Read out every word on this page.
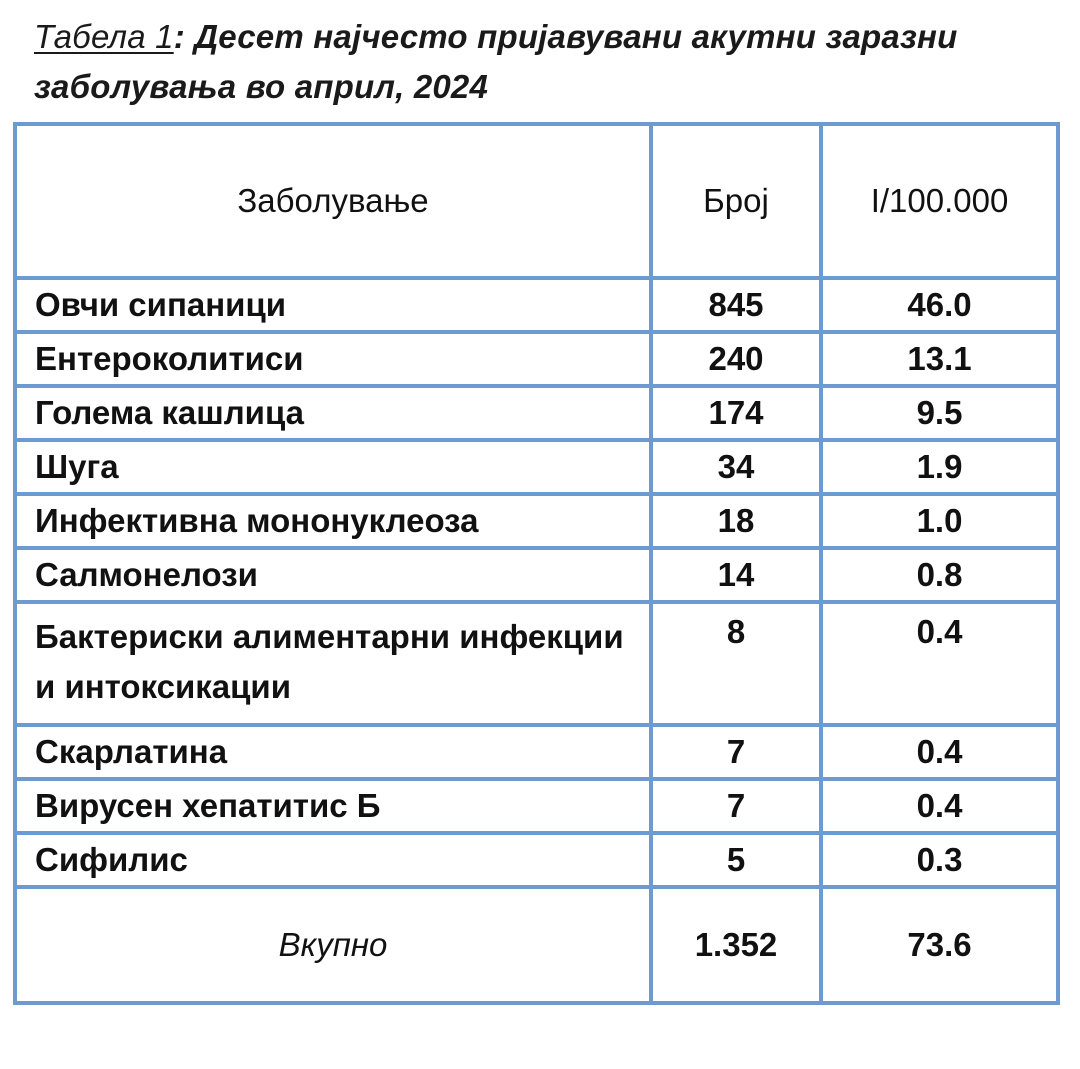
Табела 1: Десет најчесто пријавувани акутни заразни заболувања во април, 2024
Заболување	Број	I/100.000
Овчи сипаници	845	46.0
Ентероколитиси	240	13.1
Голема кашлица	174	9.5
Шуга	34	1.9
Инфективна мононуклеоза	18	1.0
Салмонелози	14	0.8
Бактериски алиментарни инфекции и интоксикации	8	0.4
Скарлатина	7	0.4
Вирусен хепатитис Б	7	0.4
Сифилис	5	0.3
Вкупно	1.352	73.6
